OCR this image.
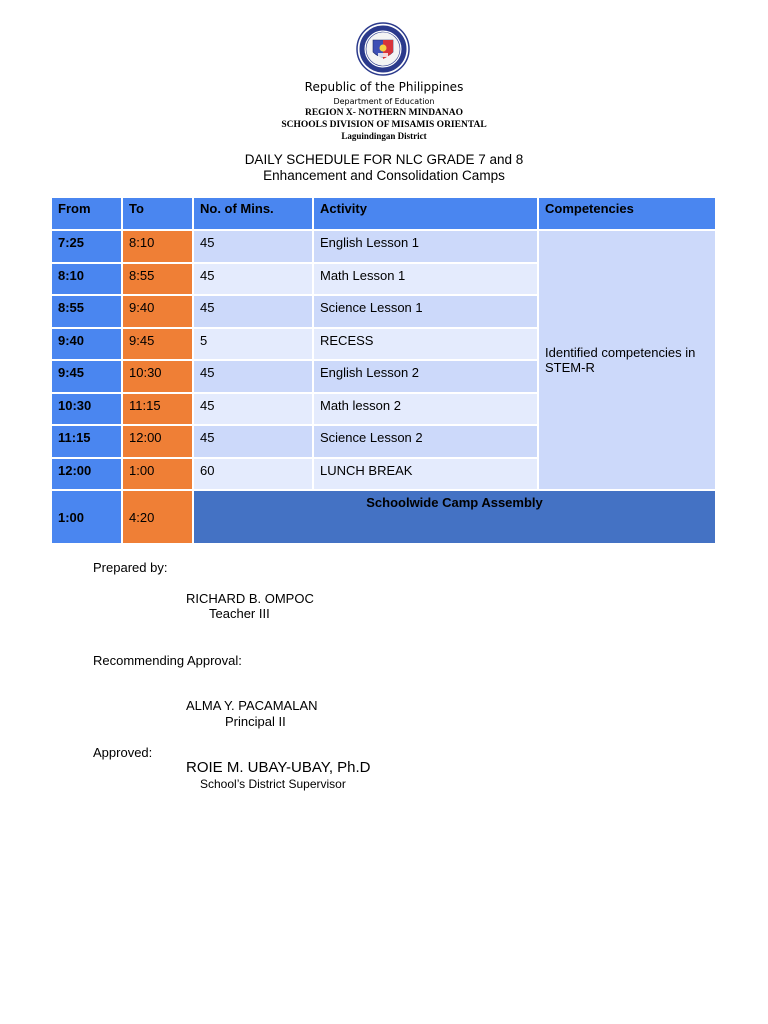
Republic of the Philippines
Department of Education
REGION X- NOTHERN MINDANAO
SCHOOLS DIVISION OF MISAMIS ORIENTAL
Laguindingan District
DAILY SCHEDULE FOR NLC GRADE 7 and 8
Enhancement and Consolidation Camps
From	To	No. of Mins.	Activity	Competencies
7:25	8:10	45	English Lesson 1	Identified competencies in STEM-R
8:10	8:55	45	Math Lesson 1	
8:55	9:40	45	Science Lesson 1	
9:40	9:45	5	RECESS	
9:45	10:30	45	English Lesson 2	
10:30	11:15	45	Math lesson 2	
11:15	12:00	45	Science Lesson 2	
12:00	1:00	60	LUNCH BREAK	
1:00	4:20	Schoolwide Camp Assembly		
Prepared by:
RICHARD B. OMPOC
Teacher III
Recommending Approval:
ALMA Y. PACAMALAN
Principal II
Approved:
ROIE M. UBAY-UBAY, Ph.D
School’s District Supervisor
